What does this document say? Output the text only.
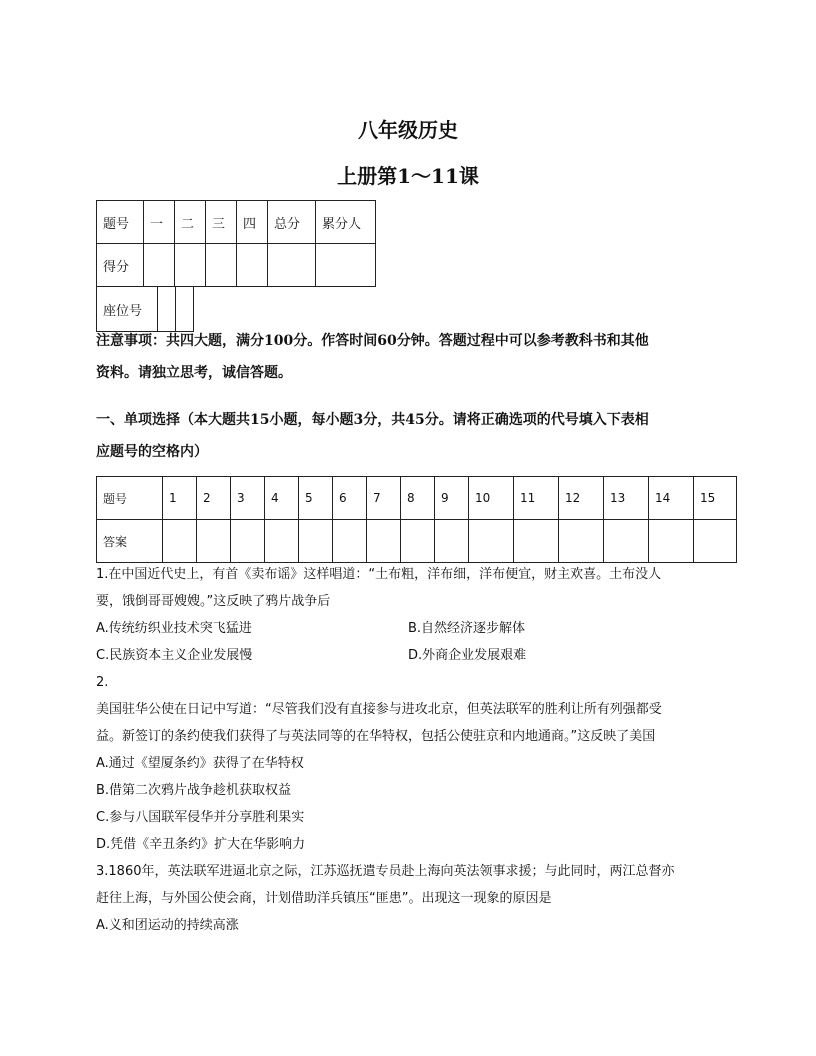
八年级历史
上册第1～11课
题号	一	二	三	四	总分	累分人
得分						
座位号		
注意事项：共四大题，满分100分。作答时间60分钟。答题过程中可以参考教科书和其他
资料。请独立思考，诚信答题。
一、单项选择（本大题共15小题，每小题3分，共45分。请将正确选项的代号填入下表相
应题号的空格内）
题号	1	2	3	4	5	6	7	8	9	10	11	12	13	14	15
答案															
1.在中国近代史上，有首《卖布谣》这样唱道：“土布粗，洋布细，洋布便宜，财主欢喜。土布没人
要，饿倒哥哥嫂嫂。”这反映了鸦片战争后
A.传统纺织业技术突飞猛进	B.自然经济逐步解体
C.民族资本主义企业发展慢	D.外商企业发展艰难
2.
美国驻华公使在日记中写道：“尽管我们没有直接参与进攻北京，但英法联军的胜利让所有列强都受
益。新签订的条约使我们获得了与英法同等的在华特权，包括公使驻京和内地通商。”这反映了美国
A.通过《望厦条约》获得了在华特权
B.借第二次鸦片战争趁机获取权益
C.参与八国联军侵华并分享胜利果实
D.凭借《辛丑条约》扩大在华影响力
3.1860年，英法联军进逼北京之际，江苏巡抚遣专员赴上海向英法领事求援；与此同时，两江总督亦
赶往上海，与外国公使会商，计划借助洋兵镇压“匪患”。出现这一现象的原因是
A.义和团运动的持续高涨
